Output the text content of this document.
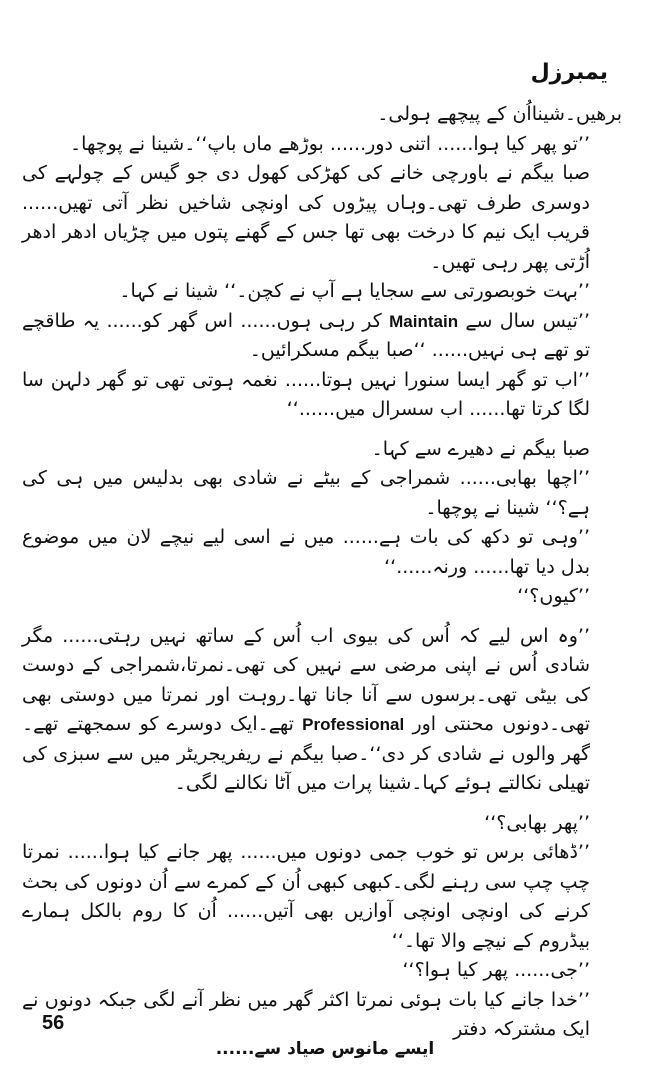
یمبرزل

برھیں۔شینااُن کے پیچھے ہولی۔

’’تو پھر کیا ہوا...... اتنی دور...... بوڑھے ماں باپ‘‘۔شینا نے پوچھا۔

صبا بیگم نے باورچی خانے کی کھڑکی کھول دی جو گیس کے چولہے کی دوسری طرف تھی۔وہاں پیڑوں کی اونچی شاخیں نظر آتی تھیں...... قریب ایک نیم کا درخت بھی تھا جس کے گھنے پتوں میں چڑیاں ادھر ادھر اُڑتی پھر رہی تھیں۔

’’بہت خوبصورتی سے سجایا ہے آپ نے کچن۔‘‘ شینا نے کہا۔

’’تیس سال سے Maintain کر رہی ہوں...... اس گھر کو...... یہ طاقچے تو تھے ہی نہیں...... ‘‘صبا بیگم مسکرائیں۔

’’اب تو گھر ایسا سنورا نہیں ہوتا...... نغمہ ہوتی تھی تو گھر دلہن سا لگا کرتا تھا...... اب سسرال میں......‘‘

صبا بیگم نے دھیرے سے کہا۔

’’اچھا بھابی...... شمراجی کے بیٹے نے شادی بھی بدلیس میں ہی کی ہے؟‘‘ شینا نے پوچھا۔

’’وہی تو دکھ کی بات ہے...... میں نے اسی لیے نیچے لان میں موضوع بدل دیا تھا...... ورنہ......‘‘

’’کیوں؟‘‘

’’وہ اس لیے کہ اُس کی بیوی اب اُس کے ساتھ نہیں رہتی...... مگر شادی اُس نے اپنی مرضی سے نہیں کی تھی۔نمرتا،شمراجی کے دوست کی بیٹی تھی۔برسوں سے آنا جانا تھا۔روہت اور نمرتا میں دوستی بھی تھی۔دونوں محنتی اور Professional تھے۔ایک دوسرے کو سمجھتے تھے۔گھر والوں نے شادی کر دی‘‘۔صبا بیگم نے ریفریجریٹر میں سے سبزی کی تھیلی نکالتے ہوئے کہا۔شینا پرات میں آٹا نکالنے لگی۔

’’پھر بھابی؟‘‘

’’ڈھائی برس تو خوب جمی دونوں میں...... پھر جانے کیا ہوا...... نمرتا چپ چپ سی رہنے لگی۔کبھی کبھی اُن کے کمرے سے اُن دونوں کی بحث کرنے کی اونچی اونچی آوازیں بھی آتیں...... اُن کا روم بالکل ہمارے بیڈروم کے نیچے والا تھا۔‘‘

’’جی...... پھر کیا ہوا؟‘‘

’’خدا جانے کیا بات ہوئی نمرتا اکثر گھر میں نظر آنے لگی جبکہ دونوں نے ایک مشترکہ دفتر

56
ایسے مانوس صیاد سے......
